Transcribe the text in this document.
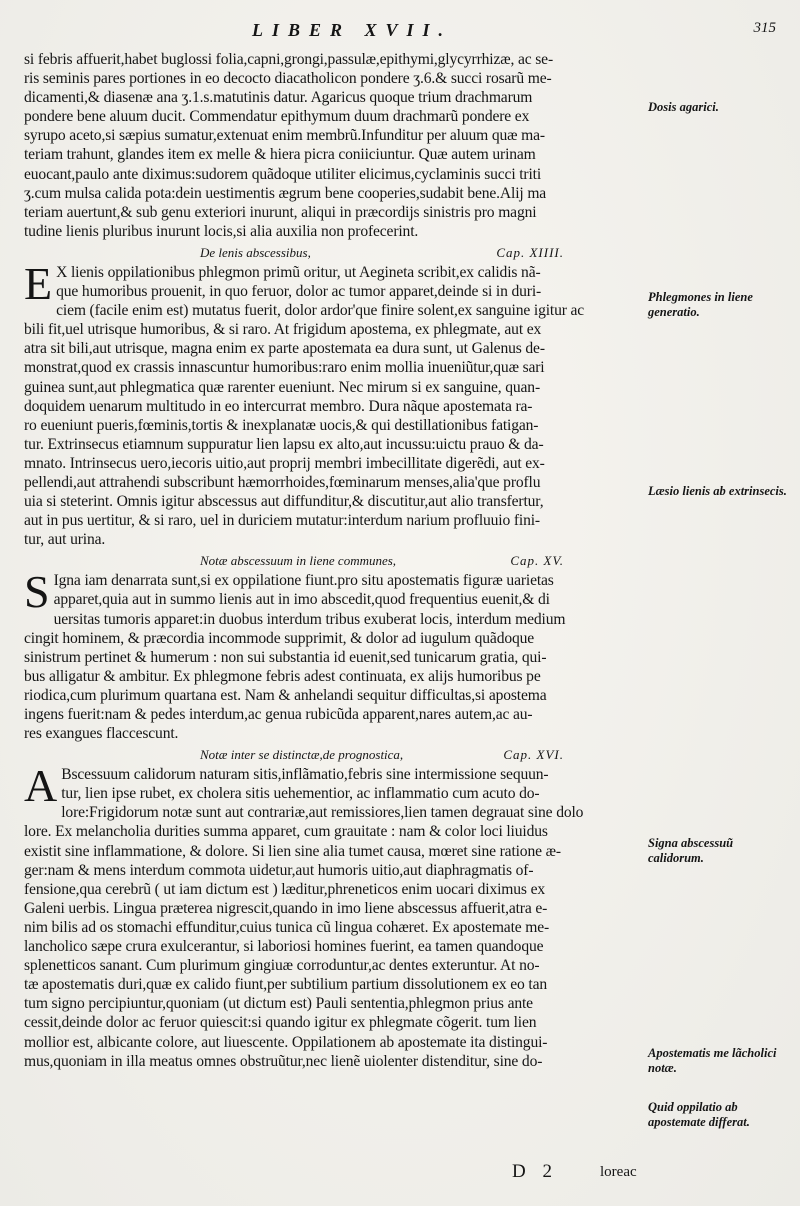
LIBER XVII.	315
si febris affuerit,habet buglossi folia,capni,grongi,passulæ,epithymi,glycyrrhizæ, ac se-
ris seminis pares portiones in eo decocto diacatholicon pondere ʒ.6.& succi rosarũ me-
dicamenti,& diasenæ ana ʒ.1.s.matutinis datur. Agaricus quoque trium drachmarum
pondere bene aluum ducit. Commendatur epithymum duum drachmarũ pondere ex
syrupo aceto,si sæpius sumatur,extenuat enim membrũ.Infunditur per aluum quæ ma-
teriam trahunt, glandes item ex melle & hiera picra coniiciuntur. Quæ autem urinam
euocant,paulo ante diximus:sudorem quãdoque utiliter elicimus,cyclaminis succi triti
ʒ.cum mulsa calida pota:dein uestimentis ægrum bene cooperies,sudabit bene.Alij ma
teriam auertunt,& sub genu exteriori inurunt, aliqui in præcordijs sinistris pro magni
tudine lienis pluribus inurunt locis,si alia auxilia non profecerint.
De lenis abscessibus,	Cap. XIIII.
E X lienis oppilationibus phlegmon primũ oritur, ut Aegineta scribit,ex calidis nã-
que humoribus prouenit, in quo feruor, dolor ac tumor apparet,deinde si in duri-
ciem (facile enim est) mutatus fuerit, dolor ardor'que finire solent,ex sanguine igitur ac
bili fit,uel utrisque humoribus, & si raro. At frigidum apostema, ex phlegmate, aut ex
atra sit bili,aut utrisque, magna enim ex parte apostemata ea dura sunt, ut Galenus de-
monstrat,quod ex crassis innascuntur humoribus:raro enim mollia inueniũtur,quæ sari
guinea sunt,aut phlegmatica quæ rarenter eueniunt. Nec mirum si ex sanguine, quan-
doquidem uenarum multitudo in eo intercurrat membro. Dura nãque apostemata ra-
ro eueniunt pueris,fœminis,tortis & inexplanatæ uocis,& qui destillationibus fatigan-
tur. Extrinsecus etiamnum suppuratur lien lapsu ex alto,aut incussu:uictu prauo & da-
mnato. Intrinsecus uero,iecoris uitio,aut proprij membri imbecillitate digerẽdi, aut ex-
pellendi,aut attrahendi subscribunt hæmorrhoides,fœminarum menses,alia'que proflu
uia si steterint. Omnis igitur abscessus aut diffunditur,& discutitur,aut alio transfertur,
aut in pus uertitur, & si raro, uel in duriciem mutatur:interdum narium profluuio fini-
tur, aut urina.
Notæ abscessuum in liene communes,	Cap. XV.
S Igna iam denarrata sunt,si ex oppilatione fiunt.pro situ apostematis figuræ uarietas
apparet,quia aut in summo lienis aut in imo abscedit,quod frequentius euenit,& di
uersitas tumoris apparet:in duobus interdum tribus exuberat locis, interdum medium
cingit hominem, & præcordia incommode supprimit, & dolor ad iugulum quãdoque
sinistrum pertinet & humerum : non sui substantia id euenit,sed tunicarum gratia, qui-
bus alligatur & ambitur. Ex phlegmone febris adest continuata, ex alijs humoribus pe
riodica,cum plurimum quartana est. Nam & anhelandi sequitur difficultas,si apostema
ingens fuerit:nam & pedes interdum,ac genua rubicũda apparent,nares autem,ac au-
res exangues flaccescunt.
Notæ inter se distinctæ,de prognostica,	Cap. XVI.
A Bscessuum calidorum naturam sitis,inflãmatio,febris sine intermissione sequun-
tur, lien ipse rubet, ex cholera sitis uehementior, ac inflammatio cum acuto do-
lore:Frigidorum notæ sunt aut contrariæ,aut remissiores,lien tamen degrauat sine dolo
lore. Ex melancholia durities summa apparet, cum grauitate : nam & color loci liuidus
existit sine inflammatione, & dolore. Si lien sine alia tumet causa, mœret sine ratione æ-
ger:nam & mens interdum commota uidetur,aut humoris uitio,aut diaphragmatis of-
fensione,qua cerebrũ ( ut iam dictum est ) læditur,phreneticos enim uocari diximus ex
Galeni uerbis. Lingua præterea nigrescit,quando in imo liene abscessus affuerit,atra e-
nim bilis ad os stomachi effunditur,cuius tunica cũ lingua cohæret. Ex apostemate me-
lancholico sæpe crura exulcerantur, si laboriosi homines fuerint, ea tamen quandoque
splenetticos sanant. Cum plurimum gingiuæ corroduntur,ac dentes exteruntur. At no-
tæ apostematis duri,quæ ex calido fiunt,per subtilium partium dissolutionem ex eo tan
tum signo percipiuntur,quoniam (ut dictum est) Pauli sententia,phlegmon prius ante
cessit,deinde dolor ac feruor quiescit:si quando igitur ex phlegmate cõgerit. tum lien
mollior est, albicante colore, aut liuescente. Oppilationem ab apostemate ita distingui-
mus,quoniam in illa meatus omnes obstruũtur,nec lienẽ uiolenter distenditur, sine do-
Dosis agarici.
Phlegmones in liene generatio.
Læsio lienis ab extrinsecis.
Signa abscessuũ calidorum.
Apostematis me lãcholici notæ.
Quid oppilatio ab apostemate differat.
D 2	loreac
